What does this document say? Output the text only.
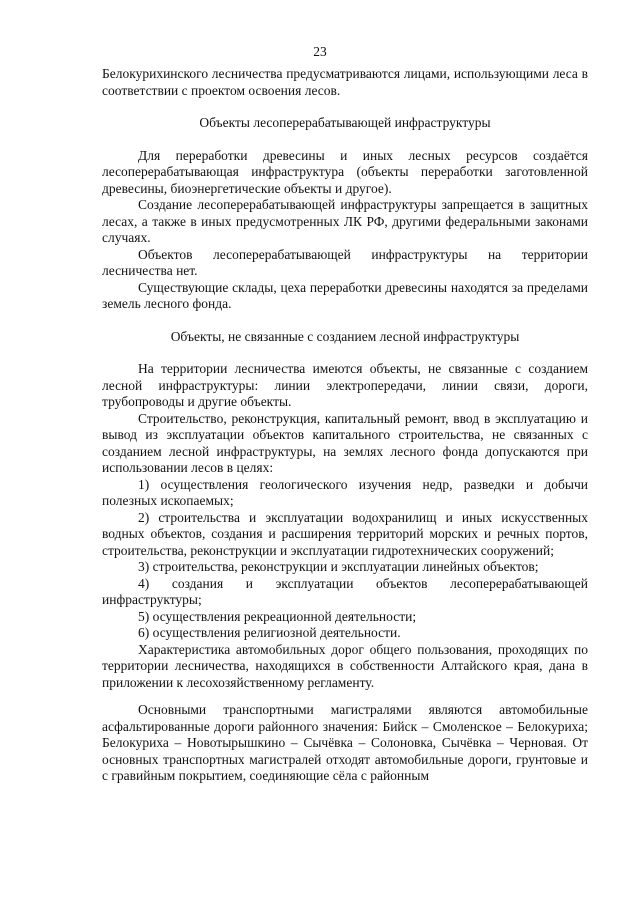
23

Белокурихинского лесничества предусматриваются лицами, использующими леса в соответствии с проектом освоения лесов.

Объекты лесоперерабатывающей инфраструктуры

Для переработки древесины и иных лесных ресурсов создаётся лесоперерабатывающая инфраструктура (объекты переработки заготовленной древесины, биоэнергетические объекты и другое).

Создание лесоперерабатывающей инфраструктуры запрещается в защитных лесах, а также в иных предусмотренных ЛК РФ, другими федеральными законами случаях.

Объектов лесоперерабатывающей инфраструктуры на территории лесничества нет.

Существующие склады, цеха переработки древесины находятся за пределами земель лесного фонда.

Объекты, не связанные с созданием лесной инфраструктуры

На территории лесничества имеются объекты, не связанные с созданием лесной инфраструктуры: линии электропередачи, линии связи, дороги, трубопроводы и другие объекты.

Строительство, реконструкция, капитальный ремонт, ввод в эксплуатацию и вывод из эксплуатации объектов капитального строительства, не связанных с созданием лесной инфраструктуры, на землях лесного фонда допускаются при использовании лесов в целях:

1) осуществления геологического изучения недр, разведки и добычи полезных ископаемых;

2) строительства и эксплуатации водохранилищ и иных искусственных водных объектов, создания и расширения территорий морских и речных портов, строительства, реконструкции и эксплуатации гидротехнических сооружений;

3) строительства, реконструкции и эксплуатации линейных объектов;

4) создания и эксплуатации объектов лесоперерабатывающей инфраструктуры;

5) осуществления рекреационной деятельности;

6) осуществления религиозной деятельности.

Характеристика автомобильных дорог общего пользования, проходящих по территории лесничества, находящихся в собственности Алтайского края, дана в приложении к лесохозяйственному регламенту.

Основными транспортными магистралями являются автомобильные асфальтированные дороги районного значения: Бийск – Смоленское – Белокуриха; Белокуриха – Новотырышкино – Сычёвка – Солоновка, Сычёвка – Черновая. От основных транспортных магистралей отходят автомобильные дороги, грунтовые и с гравийным покрытием, соединяющие сёла с районным
